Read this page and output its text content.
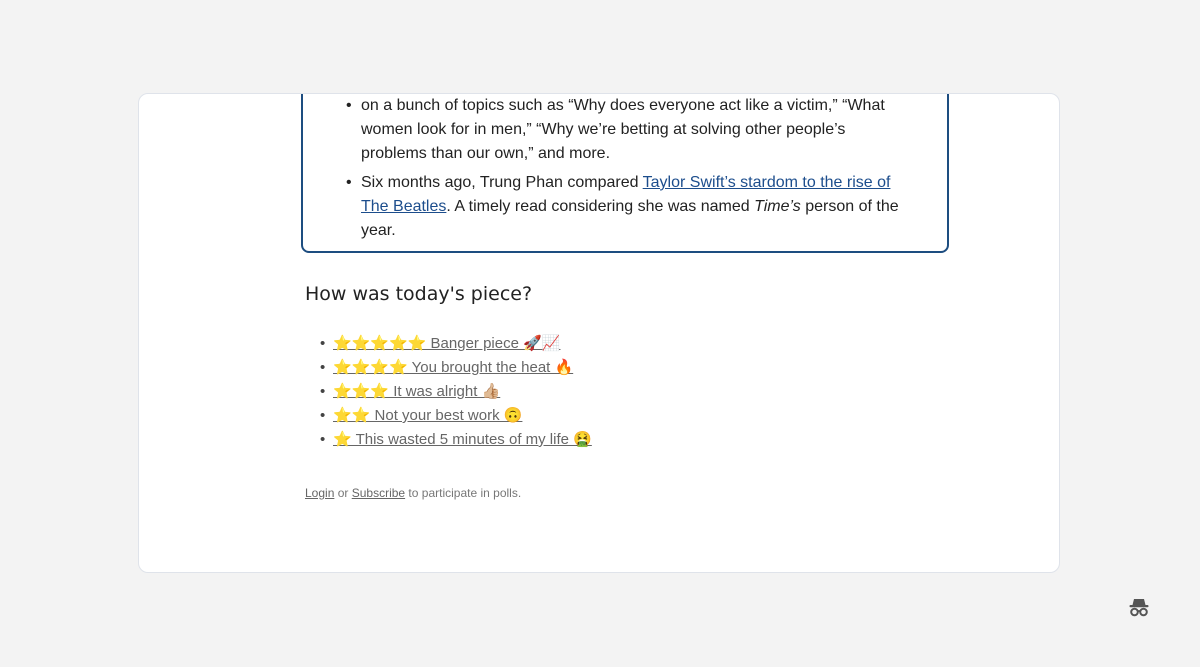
• on a bunch of topics such as “Why does everyone act like a victim,” “What
women look for in men,” “Why we’re betting at solving other people’s
problems than our own,” and more.
• Six months ago, Trung Phan compared Taylor Swift’s stardom to the rise of The Beatles. A timely read considering she was named Time’s person of the year.
How was today's piece?
• ⭐⭐⭐⭐⭐ Banger piece 🚀📈
• ⭐⭐⭐⭐ You brought the heat 🔥
• ⭐⭐⭐ It was alright 👍🏼
• ⭐⭐ Not your best work 🙃
• ⭐ This wasted 5 minutes of my life 🤮
Login or Subscribe to participate in polls.
